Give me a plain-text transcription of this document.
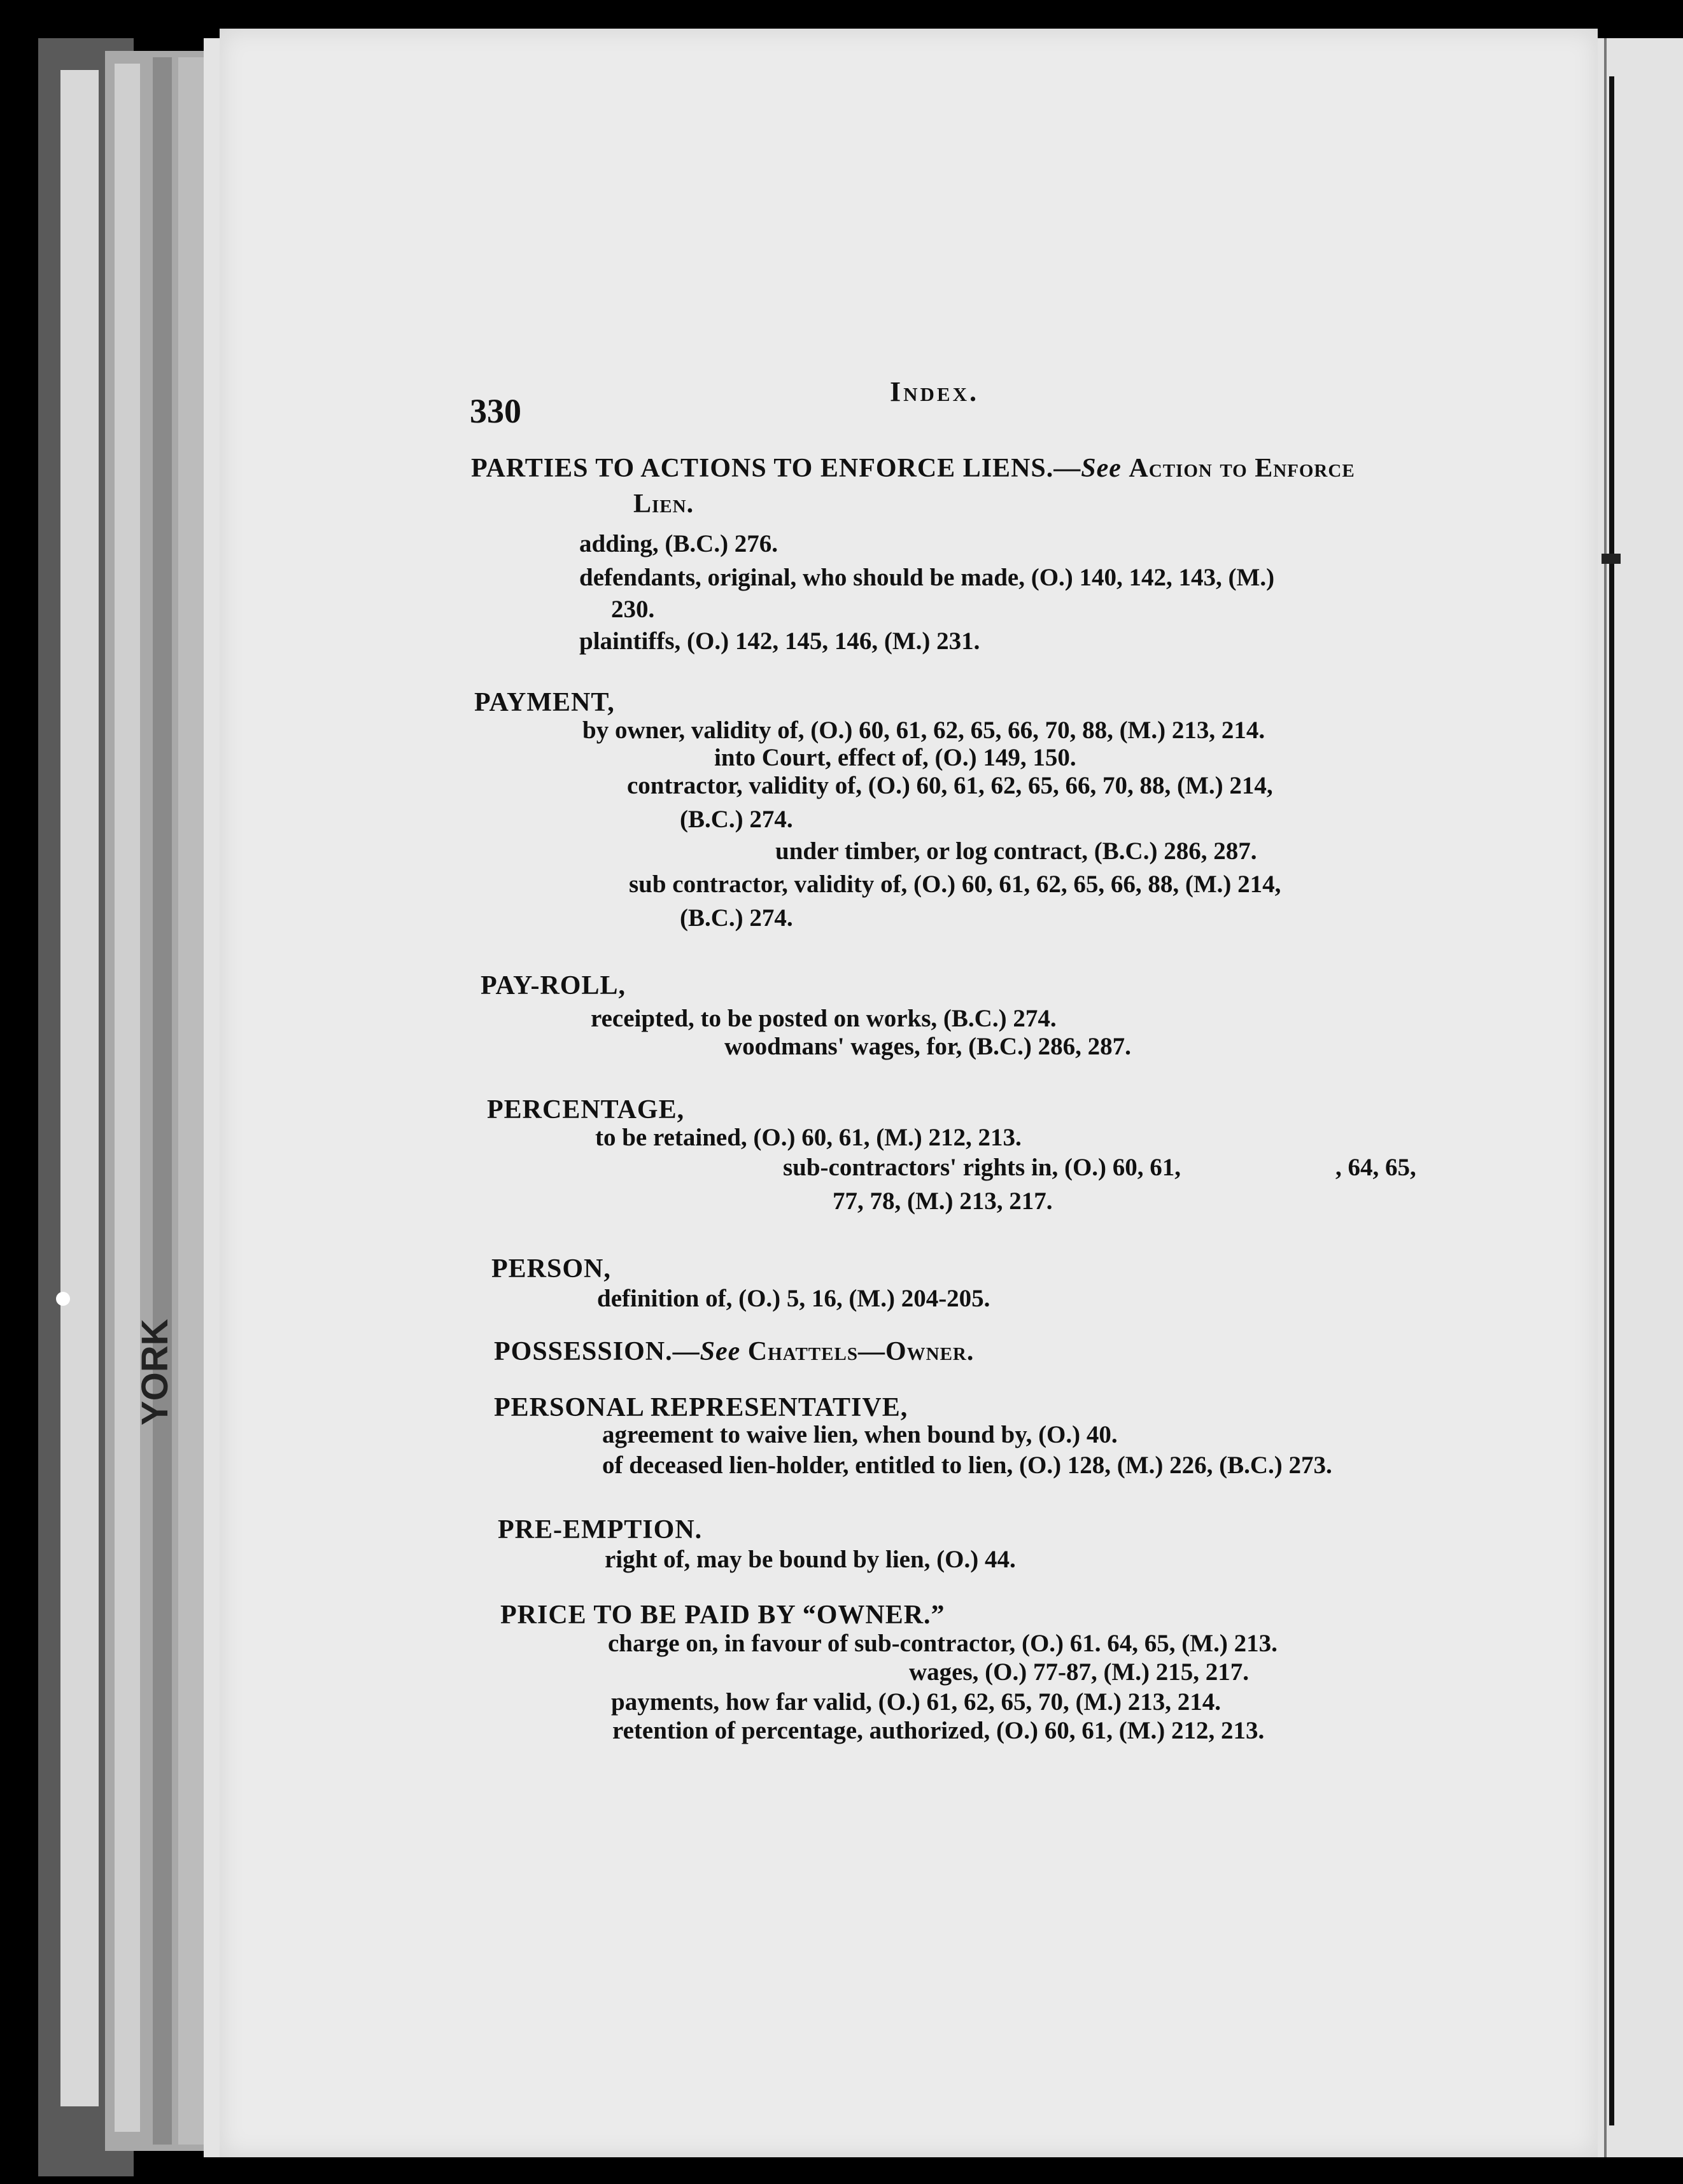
YORK
330
Index.
PARTIES TO ACTIONS TO ENFORCE LIENS.—See Action to Enforce
Lien.
adding, (B.C.) 276.
defendants, original, who should be made, (O.) 140, 142, 143, (M.)
230.
plaintiffs, (O.) 142, 145, 146, (M.) 231.
PAYMENT,
by owner, validity of, (O.) 60, 61, 62, 65, 66, 70, 88, (M.) 213, 214.
into Court, effect of, (O.) 149, 150.
contractor, validity of, (O.) 60, 61, 62, 65, 66, 70, 88, (M.) 214,
(B.C.) 274.
under timber, or log contract, (B.C.) 286, 287.
sub contractor, validity of, (O.) 60, 61, 62, 65, 66, 88, (M.) 214,
(B.C.) 274.
PAY-ROLL,
receipted, to be posted on works, (B.C.) 274.
woodmans' wages, for, (B.C.) 286, 287.
PERCENTAGE,
to be retained, (O.) 60, 61, (M.) 212, 213.
sub-contractors' rights in, (O.) 60, 61,	, 64, 65,
77, 78, (M.) 213, 217.
PERSON,
definition of, (O.) 5, 16, (M.) 204-205.
POSSESSION.—See Chattels—Owner.
PERSONAL REPRESENTATIVE,
agreement to waive lien, when bound by, (O.) 40.
of deceased lien-holder, entitled to lien, (O.) 128, (M.) 226, (B.C.) 273.
PRE-EMPTION.
right of, may be bound by lien, (O.) 44.
PRICE TO BE PAID BY “OWNER.”
charge on, in favour of sub-contractor, (O.) 61. 64, 65, (M.) 213.
wages, (O.) 77-87, (M.) 215, 217.
payments, how far valid, (O.) 61, 62, 65, 70, (M.) 213, 214.
retention of percentage, authorized, (O.) 60, 61, (M.) 212, 213.
